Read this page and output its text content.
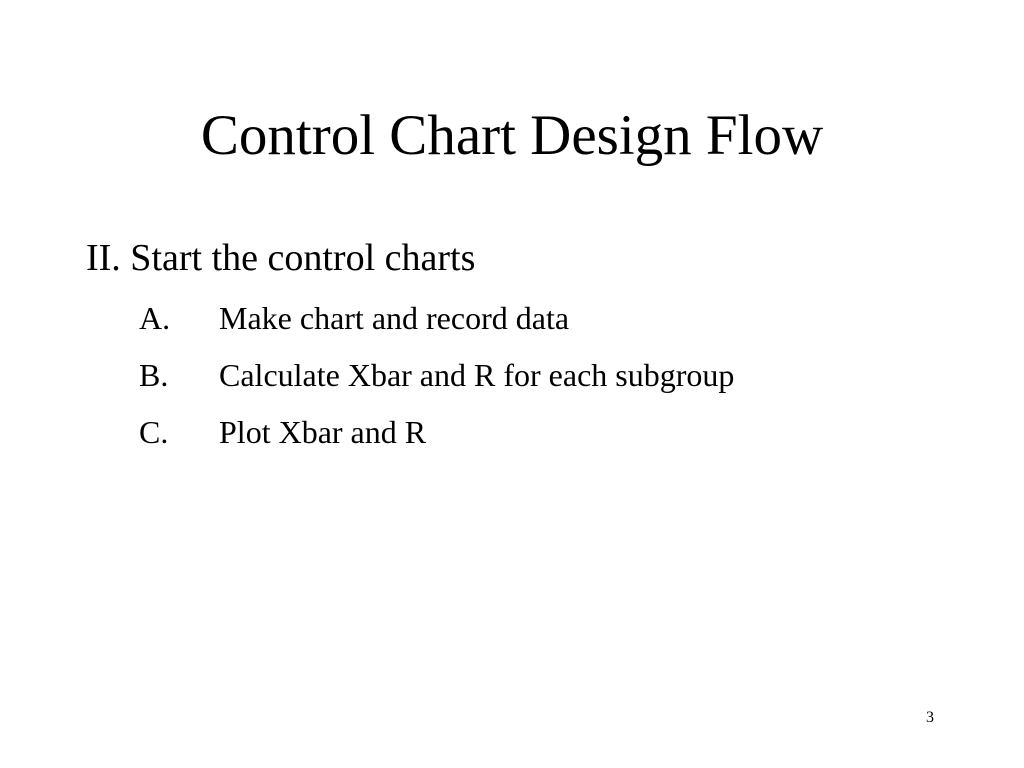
Control Chart Design Flow
II. Start the control charts
A. Make chart and record data
B. Calculate Xbar and R for each subgroup
C. Plot Xbar and R
3
